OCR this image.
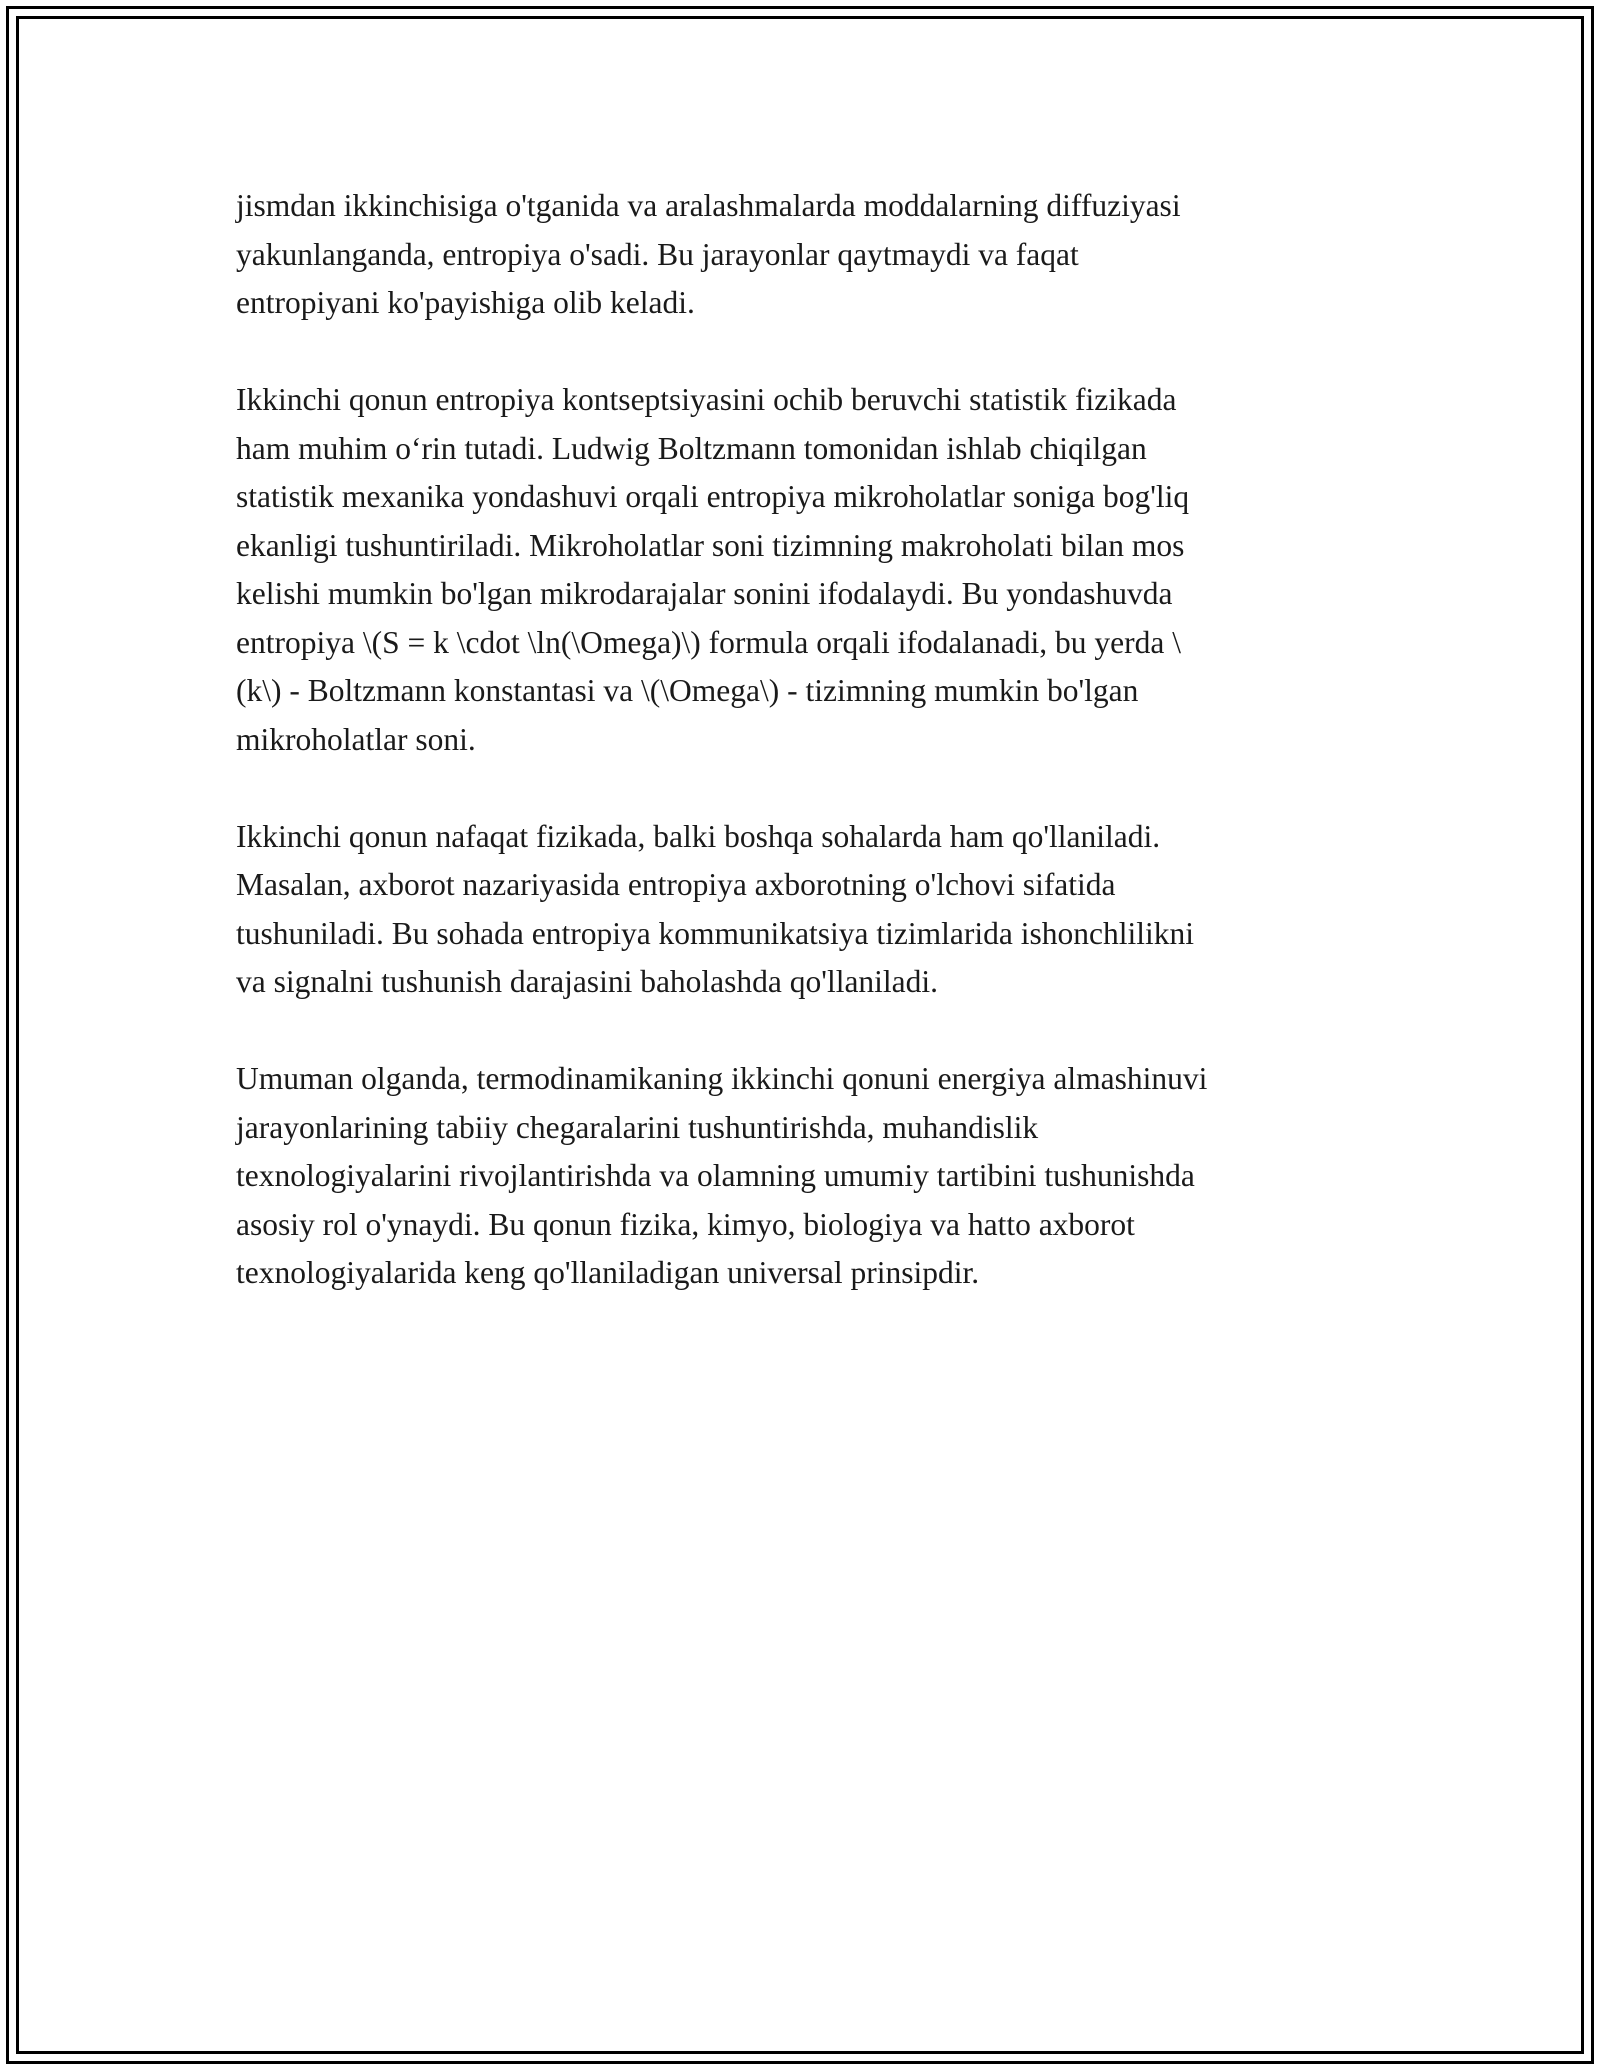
jismdan ikkinchisiga o'tganida va aralashmalarda moddalarning diffuziyasi
yakunlanganda, entropiya o'sadi. Bu jarayonlar qaytmaydi va faqat
entropiyani ko'payishiga olib keladi.

Ikkinchi qonun entropiya kontseptsiyasini ochib beruvchi statistik fizikada
ham muhim oʻrin tutadi. Ludwig Boltzmann tomonidan ishlab chiqilgan
statistik mexanika yondashuvi orqali entropiya mikroholatlar soniga bog'liq
ekanligi tushuntiriladi. Mikroholatlar soni tizimning makroholati bilan mos
kelishi mumkin bo'lgan mikrodarajalar sonini ifodalaydi. Bu yondashuvda
entropiya \(S = k \cdot \ln(\Omega)\) formula orqali ifodalanadi, bu yerda \
(k\) - Boltzmann konstantasi va \(\Omega\) - tizimning mumkin bo'lgan
mikroholatlar soni.

Ikkinchi qonun nafaqat fizikada, balki boshqa sohalarda ham qo'llaniladi.
Masalan, axborot nazariyasida entropiya axborotning o'lchovi sifatida
tushuniladi. Bu sohada entropiya kommunikatsiya tizimlarida ishonchlilikni
va signalni tushunish darajasini baholashda qo'llaniladi.

Umuman olganda, termodinamikaning ikkinchi qonuni energiya almashinuvi
jarayonlarining tabiiy chegaralarini tushuntirishda, muhandislik
texnologiyalarini rivojlantirishda va olamning umumiy tartibini tushunishda
asosiy rol o'ynaydi. Bu qonun fizika, kimyo, biologiya va hatto axborot
texnologiyalarida keng qo'llaniladigan universal prinsipdir.
